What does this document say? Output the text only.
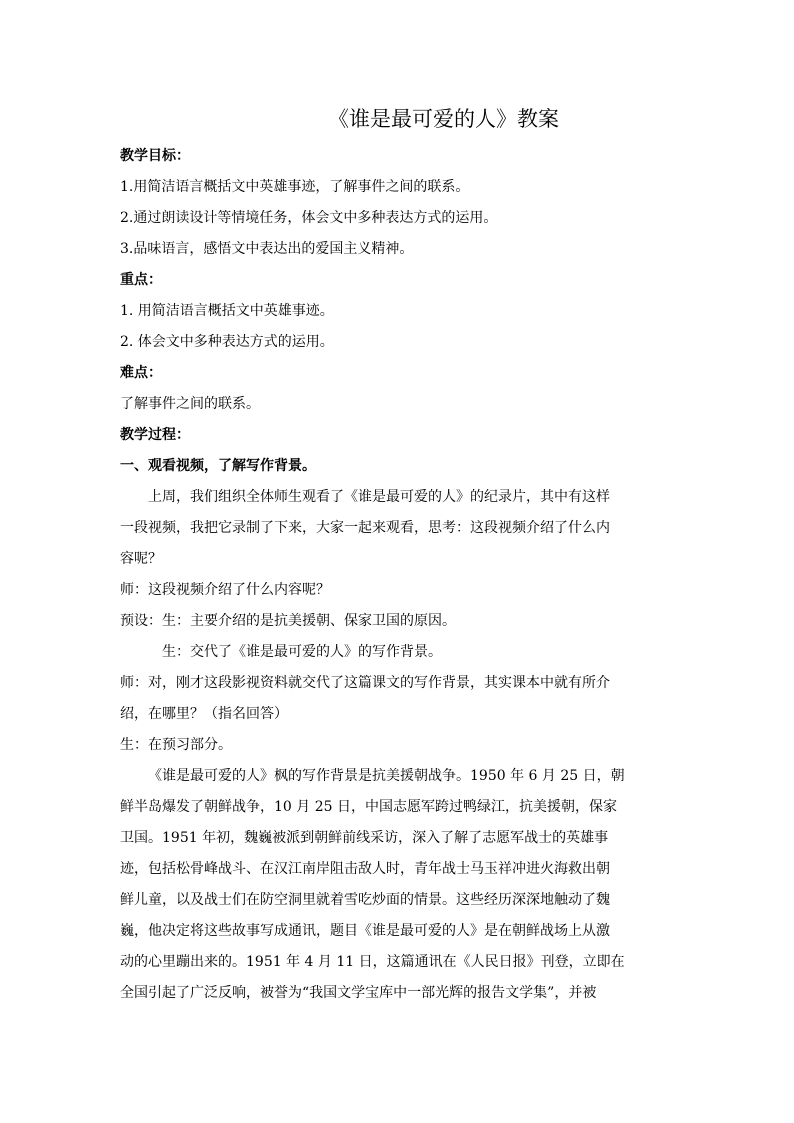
《谁是最可爱的人》教案
教学目标：
1.用简洁语言概括文中英雄事迹，了解事件之间的联系。
2.通过朗读设计等情境任务，体会文中多种表达方式的运用。
3.品味语言，感悟文中表达出的爱国主义精神。
重点：
1. 用简洁语言概括文中英雄事迹。
2. 体会文中多种表达方式的运用。
难点：
了解事件之间的联系。
教学过程：
一、观看视频，了解写作背景。
上周，我们组织全体师生观看了《谁是最可爱的人》的纪录片，其中有这样
一段视频，我把它录制了下来，大家一起来观看，思考：这段视频介绍了什么内
容呢？
师：这段视频介绍了什么内容呢？
预设：生：主要介绍的是抗美援朝、保家卫国的原因。
生：交代了《谁是最可爱的人》的写作背景。
师：对，刚才这段影视资料就交代了这篇课文的写作背景，其实课本中就有所介
绍，在哪里？（指名回答）
生：在预习部分。
《谁是最可爱的人》枫的写作背景是抗美援朝战争。1950 年 6 月 25 日，朝
鲜半岛爆发了朝鲜战争，10 月 25 日，中国志愿军跨过鸭绿江，抗美援朝，保家
卫国。1951 年初，魏巍被派到朝鲜前线采访，深入了解了志愿军战士的英雄事
迹，包括松骨峰战斗、在汉江南岸阻击敌人时，青年战士马玉祥冲进火海救出朝
鲜儿童，以及战士们在防空洞里就着雪吃炒面的情景。这些经历深深地触动了魏
巍，他决定将这些故事写成通讯，题目《谁是最可爱的人》是在朝鲜战场上从激
动的心里蹦出来的。1951 年 4 月 11 日，这篇通讯在《人民日报》刊登，立即在
全国引起了广泛反响，被誉为“我国文学宝库中一部光辉的报告文学集”，并被
